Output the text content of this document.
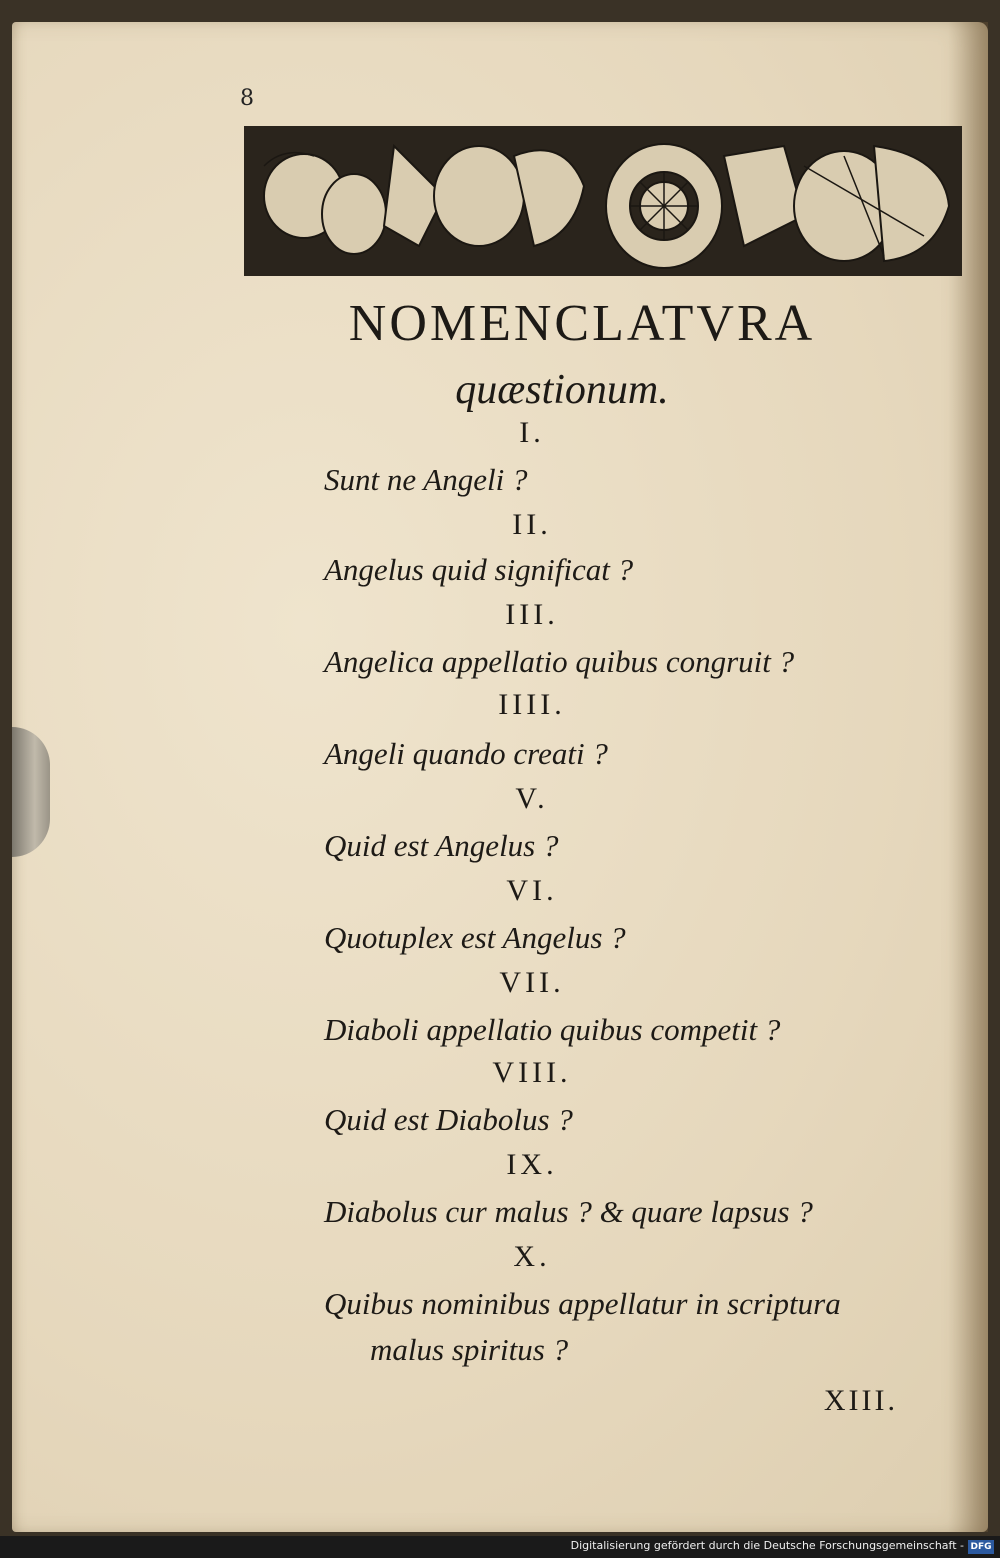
8
NOMENCLATVRA
quæstionum.
I.
Sunt ne Angeli ?
II.
Angelus quid significat ?
III.
Angelica appellatio quibus congruit ?
IIII.
Angeli quando creati ?
V.
Quid est Angelus ?
VI.
Quotuplex est Angelus ?
VII.
Diaboli appellatio quibus competit ?
VIII.
Quid est Diabolus ?
IX.
Diabolus cur malus ? & quare lapsus ?
X.
Quibus nominibus appellatur in scriptura
malus spiritus ?
XIII.
Digitalisierung gefördert durch die Deutsche Forschungsgemeinschaft - DFG
